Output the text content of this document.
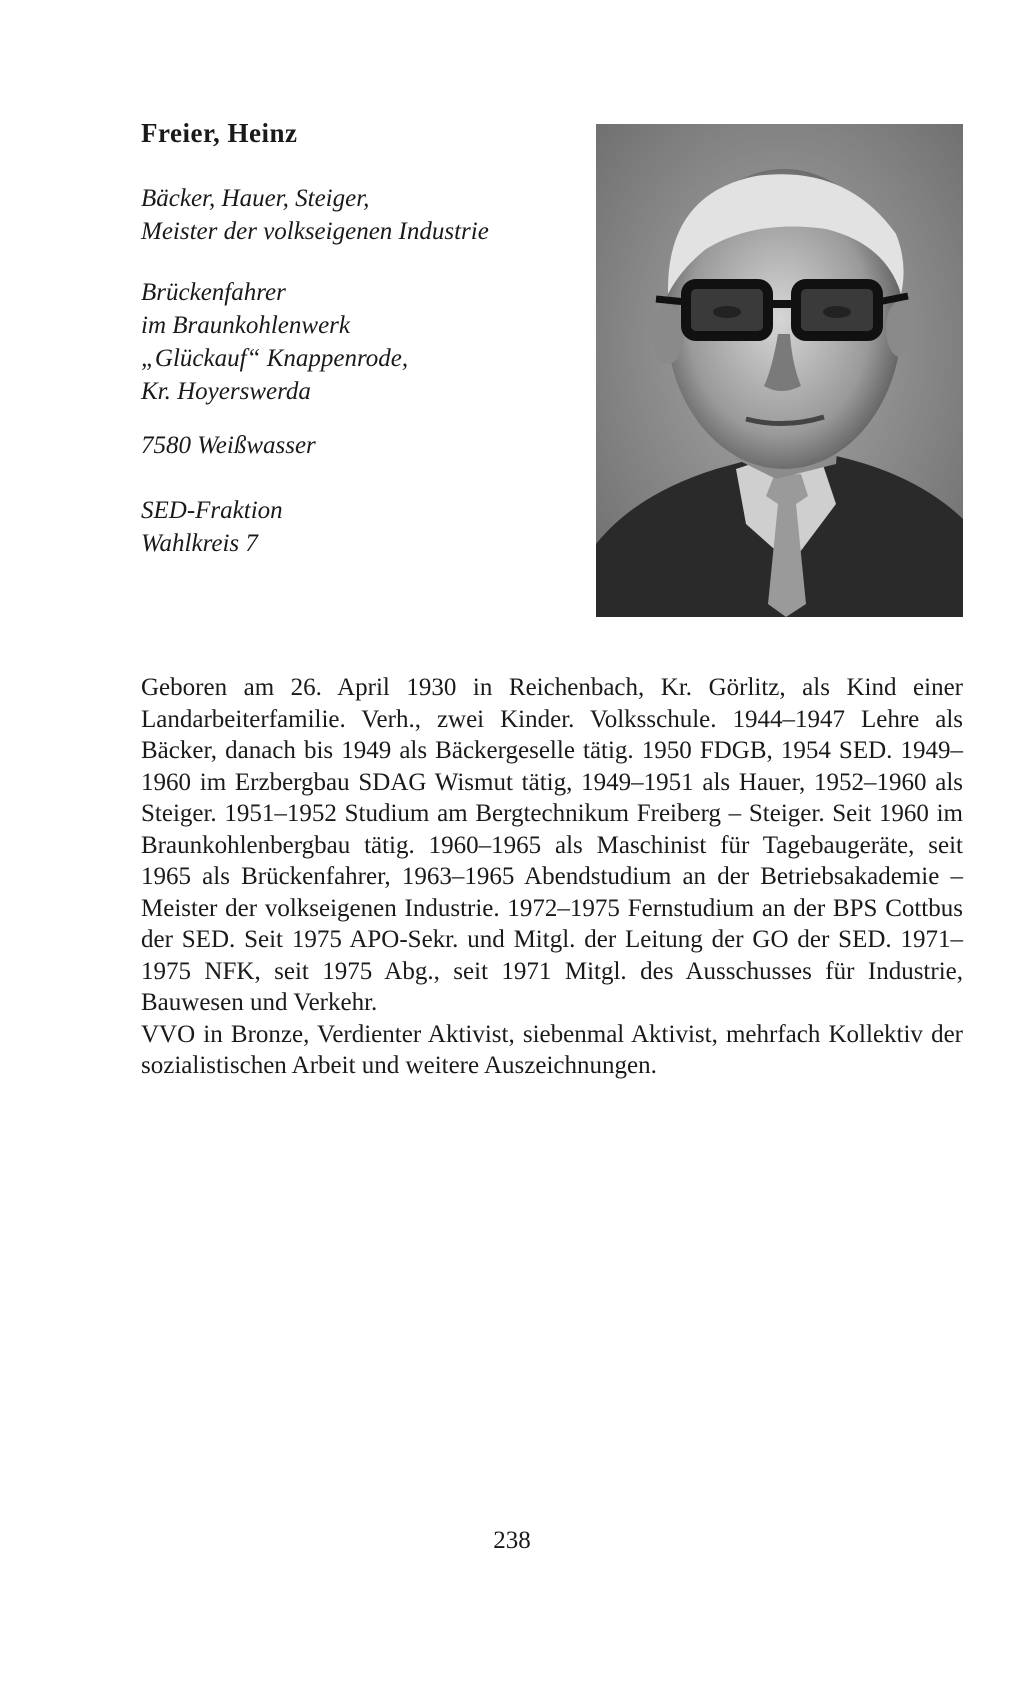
Freier, Heinz
Bäcker, Hauer, Steiger,
Meister der volkseigenen Industrie
Brückenfahrer
im Braunkohlenwerk
„Glückauf“ Knappenrode,
Kr. Hoyerswerda
7580 Weißwasser
SED-Fraktion
Wahlkreis 7

Geboren am 26. April 1930 in Reichenbach, Kr. Görlitz, als Kind einer Landarbeiterfamilie. Verh., zwei Kinder. Volksschule. 1944–1947 Lehre als Bäcker, danach bis 1949 als Bäckergeselle tätig. 1950 FDGB, 1954 SED. 1949–1960 im Erzbergbau SDAG Wismut tätig, 1949–1951 als Hauer, 1952–1960 als Steiger. 1951–1952 Studium am Bergtechnikum Freiberg – Steiger. Seit 1960 im Braunkohlenbergbau tätig. 1960–1965 als Maschinist für Tagebaugeräte, seit 1965 als Brückenfahrer, 1963–1965 Abendstudium an der Betriebsakademie – Meister der volkseigenen Industrie. 1972–1975 Fernstudium an der BPS Cottbus der SED. Seit 1975 APO-Sekr. und Mitgl. der Leitung der GO der SED. 1971–1975 NFK, seit 1975 Abg., seit 1971 Mitgl. des Ausschusses für Industrie, Bauwesen und Verkehr.

VVO in Bronze, Verdienter Aktivist, siebenmal Aktivist, mehrfach Kollektiv der sozialistischen Arbeit und weitere Auszeichnungen.

238
